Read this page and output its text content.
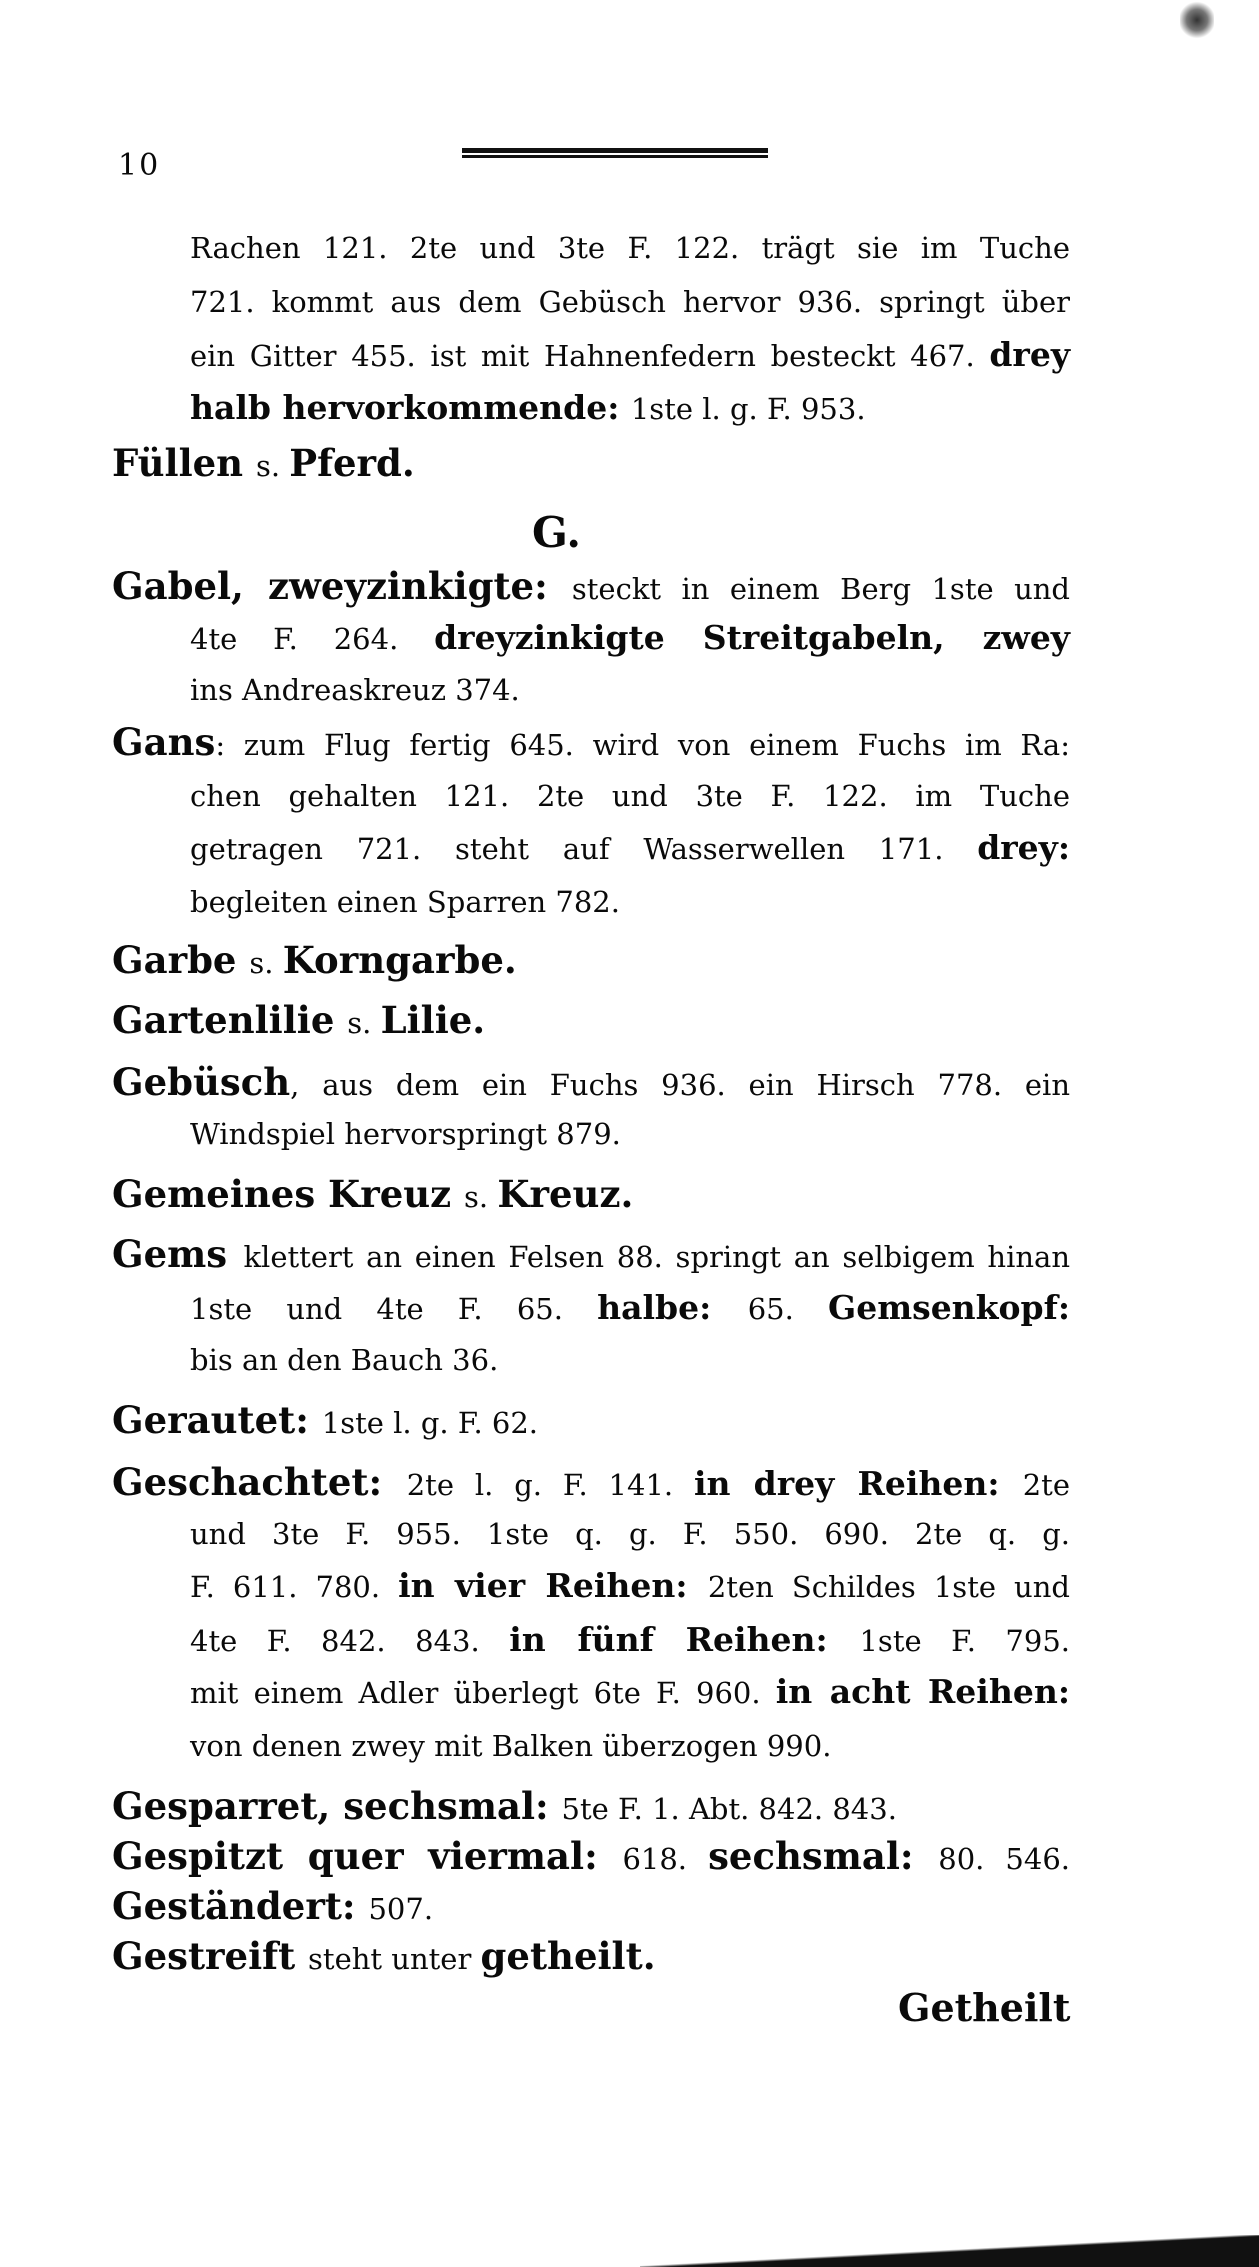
10
Rachen 121. 2te und 3te F. 122. trägt sie im Tuche
721. kommt aus dem Gebüsch hervor 936. springt über
ein Gitter 455. ist mit Hahnenfedern besteckt 467. drey
halb hervorkommende: 1ste l. g. F. 953.
Füllen s. Pferd.
Gabel, zweyzinkigte: steckt in einem Berg 1ste und
4te F. 264. dreyzinkigte Streitgabeln, zwey
ins Andreaskreuz 374.
Gans: zum Flug fertig 645. wird von einem Fuchs im Ra:
chen gehalten 121. 2te und 3te F. 122. im Tuche
getragen 721. steht auf Wasserwellen 171. drey:
begleiten einen Sparren 782.
Garbe s. Korngarbe.
Gartenlilie s. Lilie.
Gebüsch, aus dem ein Fuchs 936. ein Hirsch 778. ein
Windspiel hervorspringt 879.
Gemeines Kreuz s. Kreuz.
Gems klettert an einen Felsen 88. springt an selbigem hinan
1ste und 4te F. 65. halbe: 65. Gemsenkopf:
bis an den Bauch 36.
Gerautet: 1ste l. g. F. 62.
Geschachtet: 2te l. g. F. 141. in drey Reihen: 2te
und 3te F. 955. 1ste q. g. F. 550. 690. 2te q. g.
F. 611. 780. in vier Reihen: 2ten Schildes 1ste und
4te F. 842. 843. in fünf Reihen: 1ste F. 795.
mit einem Adler überlegt 6te F. 960. in acht Reihen:
von denen zwey mit Balken überzogen 990.
Gesparret, sechsmal: 5te F. 1. Abt. 842. 843.
Gespitzt quer viermal: 618. sechsmal: 80. 546.
Geständert: 507.
Gestreift steht unter getheilt.
G.
Getheilt
